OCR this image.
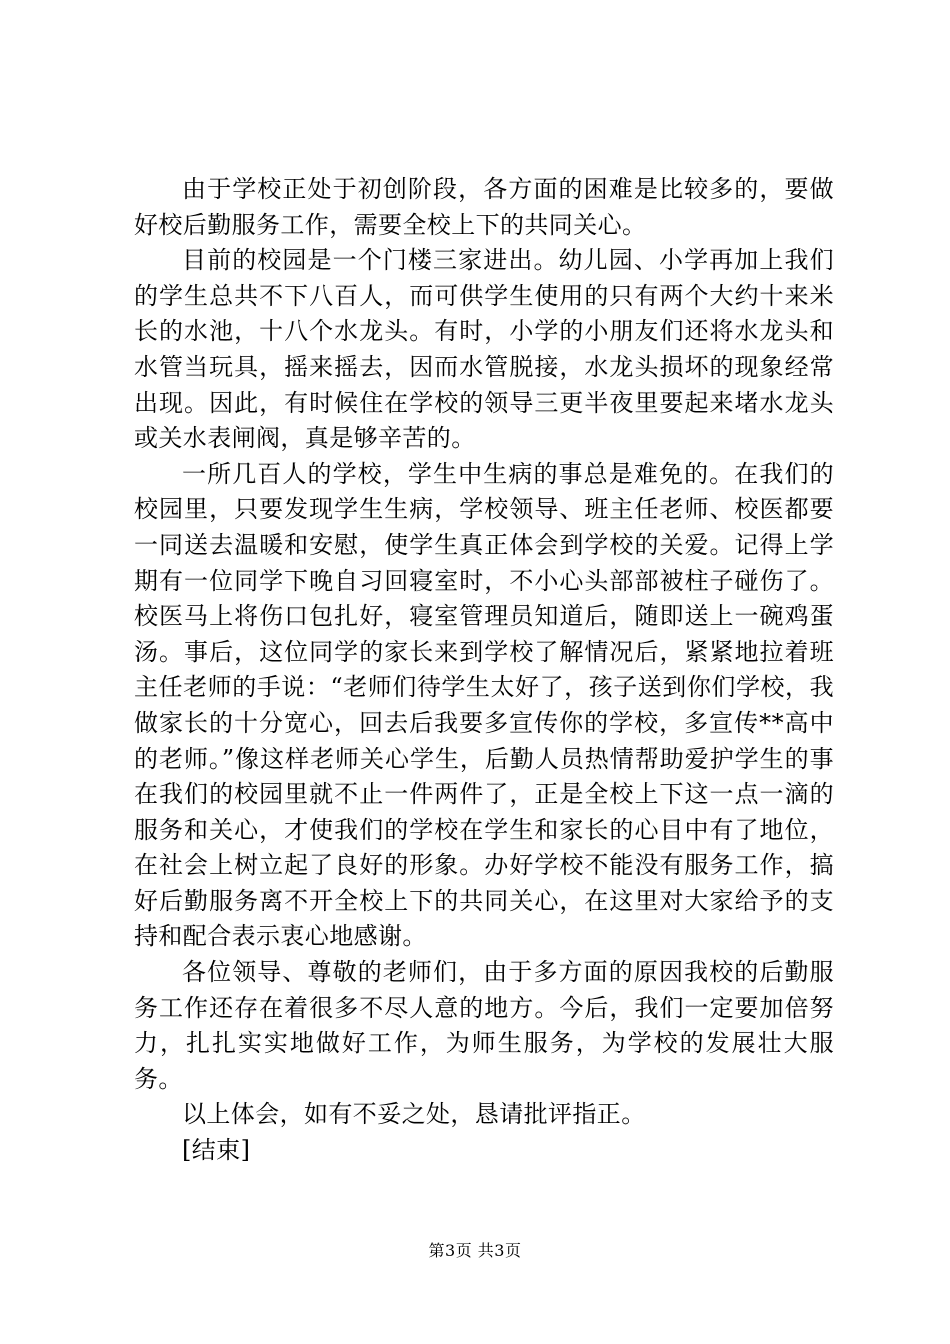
由于学校正处于初创阶段，各方面的困难是比较多的，要做好校后勤服务工作，需要全校上下的共同关心。

目前的校园是一个门楼三家进出。幼儿园、小学再加上我们的学生总共不下八百人，而可供学生使用的只有两个大约十来米长的水池，十八个水龙头。有时，小学的小朋友们还将水龙头和水管当玩具，摇来摇去，因而水管脱接，水龙头损坏的现象经常出现。因此，有时候住在学校的领导三更半夜里要起来堵水龙头或关水表闸阀，真是够辛苦的。

一所几百人的学校，学生中生病的事总是难免的。在我们的校园里，只要发现学生生病，学校领导、班主任老师、校医都要一同送去温暖和安慰，使学生真正体会到学校的关爱。记得上学期有一位同学下晚自习回寝室时，不小心头部部被柱子碰伤了。校医马上将伤口包扎好，寝室管理员知道后，随即送上一碗鸡蛋汤。事后，这位同学的家长来到学校了解情况后，紧紧地拉着班主任老师的手说：“老师们待学生太好了，孩子送到你们学校，我做家长的十分宽心，回去后我要多宣传你的学校，多宣传**高中的老师。”像这样老师关心学生，后勤人员热情帮助爱护学生的事在我们的校园里就不止一件两件了，正是全校上下这一点一滴的服务和关心，才使我们的学校在学生和家长的心目中有了地位，在社会上树立起了良好的形象。办好学校不能没有服务工作，搞好后勤服务离不开全校上下的共同关心，在这里对大家给予的支持和配合表示衷心地感谢。

各位领导、尊敬的老师们，由于多方面的原因我校的后勤服务工作还存在着很多不尽人意的地方。今后，我们一定要加倍努力，扎扎实实地做好工作，为师生服务，为学校的发展壮大服务。

以上体会，如有不妥之处，恳请批评指正。

[结束]

第3页 共3页
